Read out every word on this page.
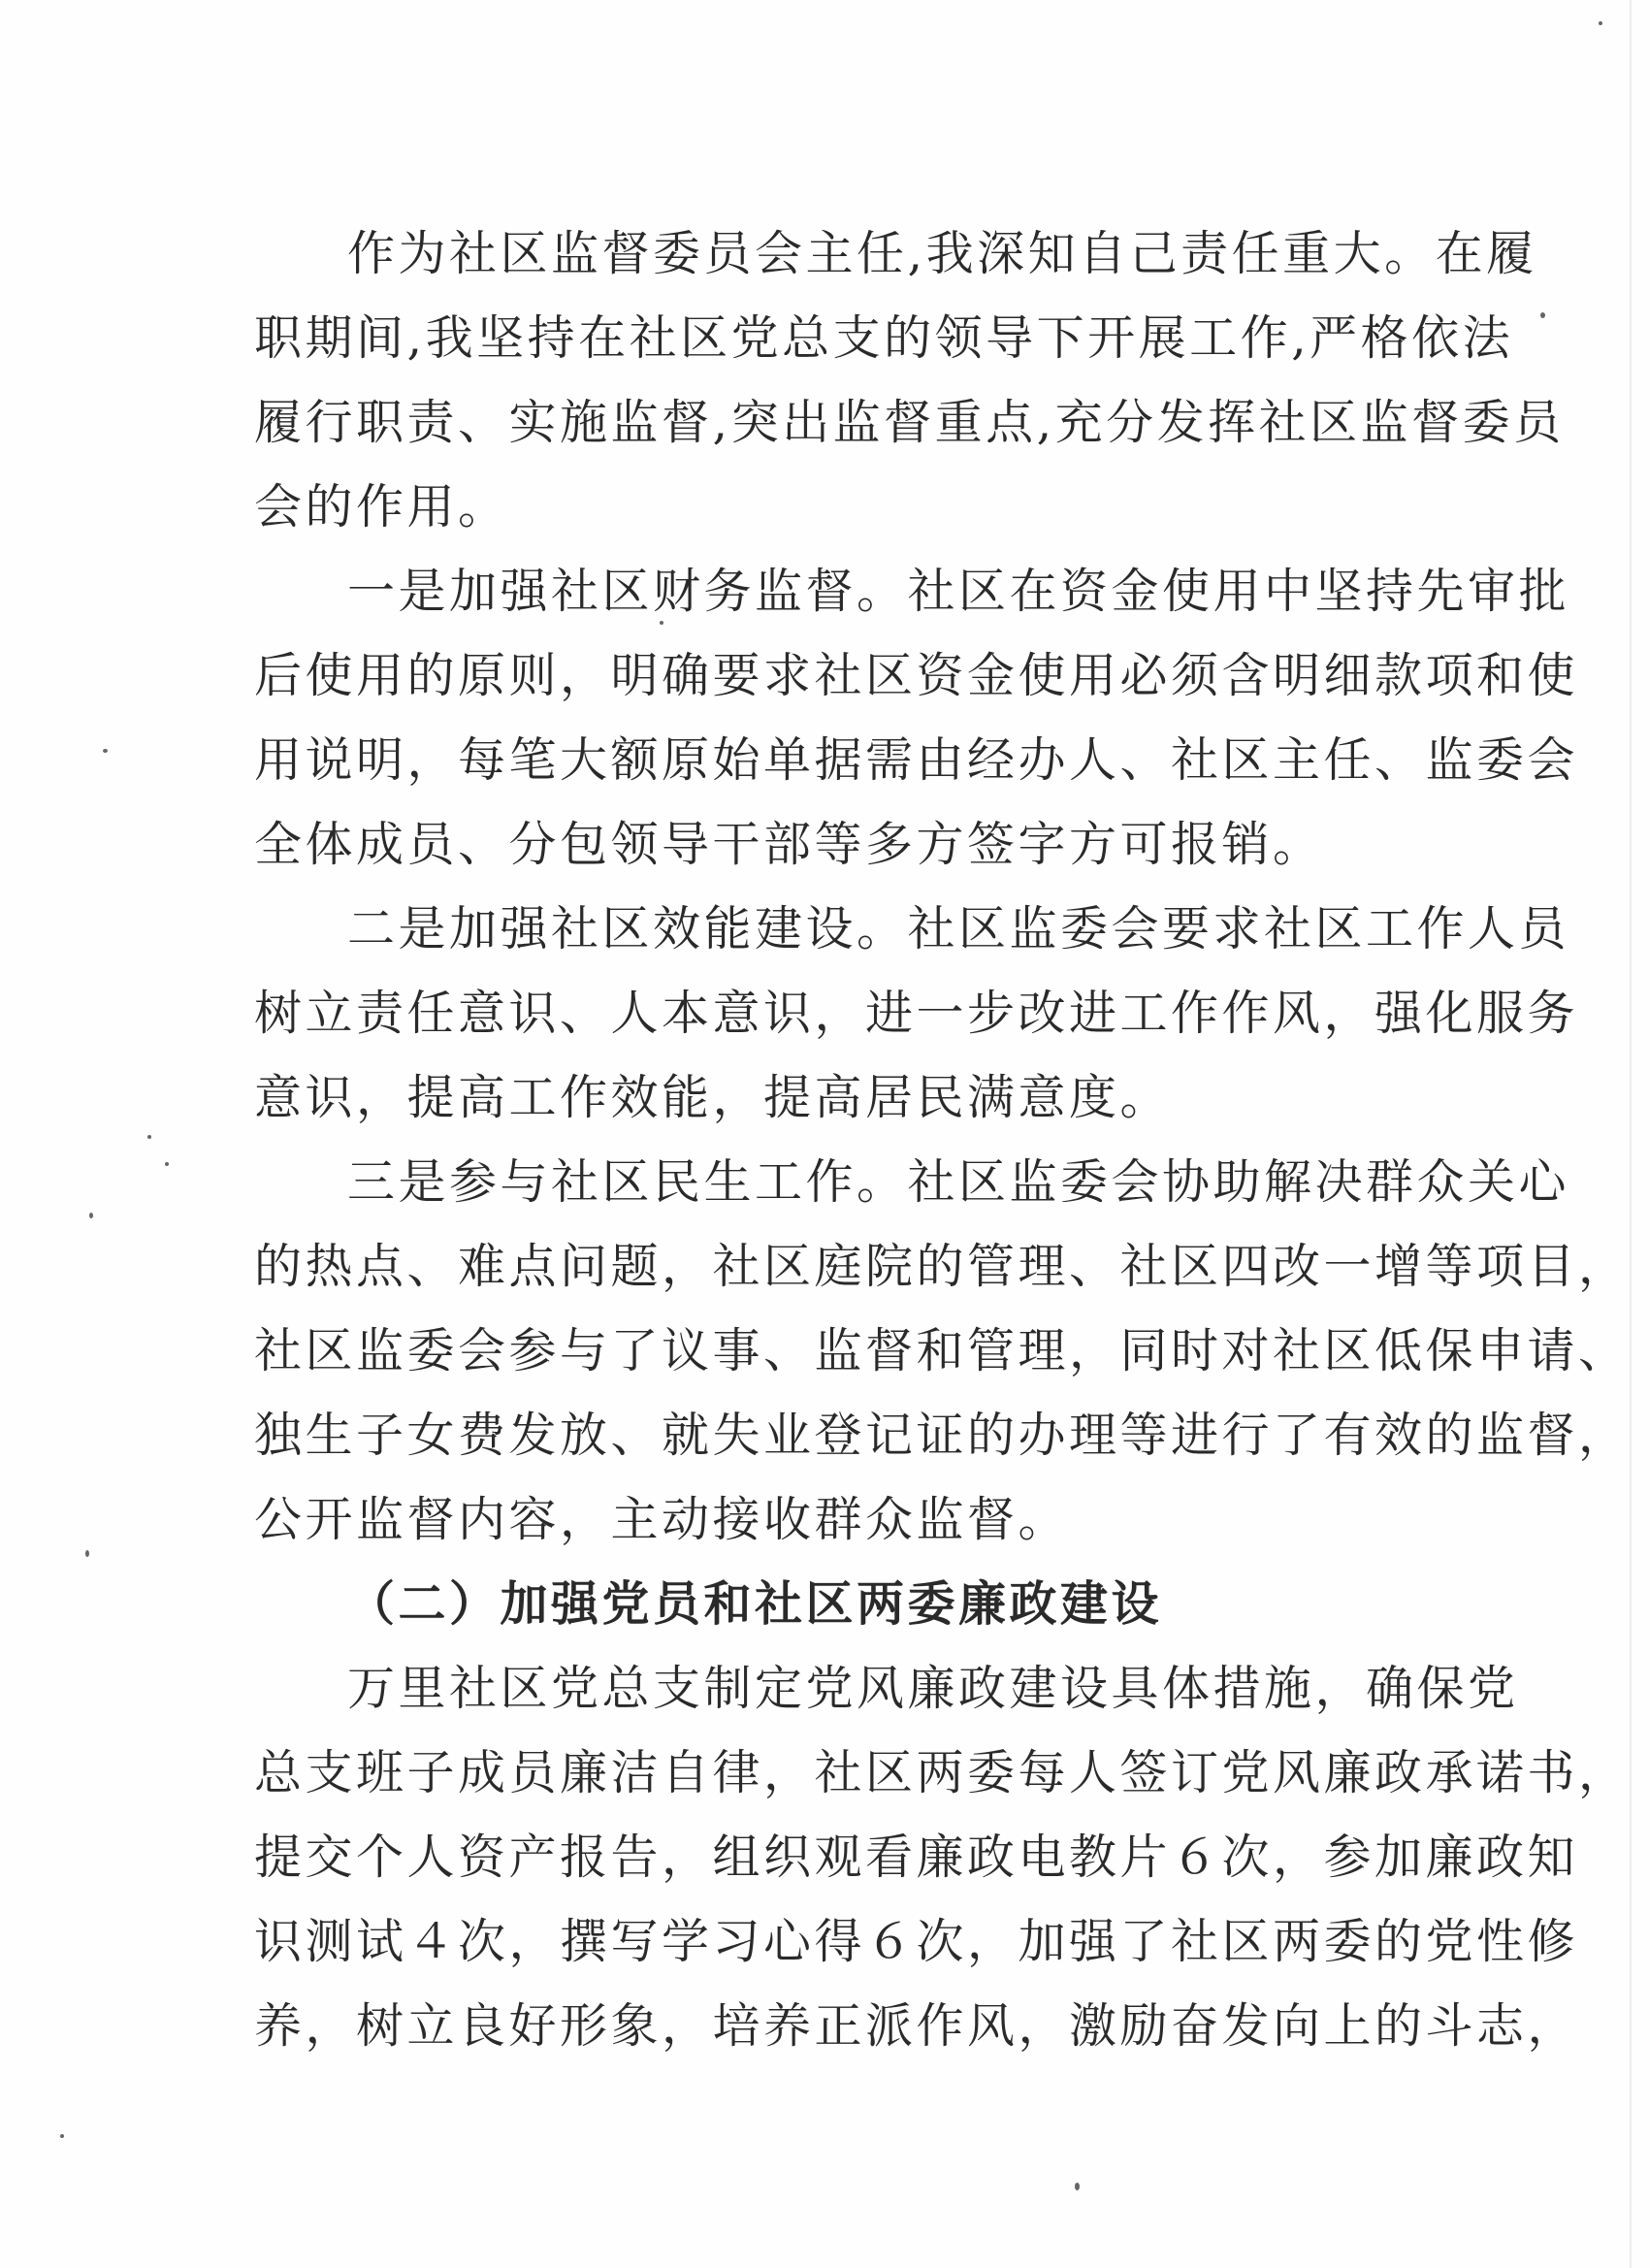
作为社区监督委员会主任,我深知自己责任重大。在履
职期间,我坚持在社区党总支的领导下开展工作,严格依法
履行职责、实施监督,突出监督重点,充分发挥社区监督委员
会的作用。

一是加强社区财务监督。社区在资金使用中坚持先审批
后使用的原则，明确要求社区资金使用必须含明细款项和使
用说明，每笔大额原始单据需由经办人、社区主任、监委会
全体成员、分包领导干部等多方签字方可报销。

二是加强社区效能建设。社区监委会要求社区工作人员
树立责任意识、人本意识，进一步改进工作作风，强化服务
意识，提高工作效能，提高居民满意度。

三是参与社区民生工作。社区监委会协助解决群众关心
的热点、难点问题，社区庭院的管理、社区四改一增等项目，
社区监委会参与了议事、监督和管理，同时对社区低保申请、
独生子女费发放、就失业登记证的办理等进行了有效的监督，
公开监督内容，主动接收群众监督。

（二）加强党员和社区两委廉政建设

万里社区党总支制定党风廉政建设具体措施，确保党
总支班子成员廉洁自律，社区两委每人签订党风廉政承诺书，
提交个人资产报告，组织观看廉政电教片６次，参加廉政知
识测试４次，撰写学习心得６次，加强了社区两委的党性修
养，树立良好形象，培养正派作风，激励奋发向上的斗志，
